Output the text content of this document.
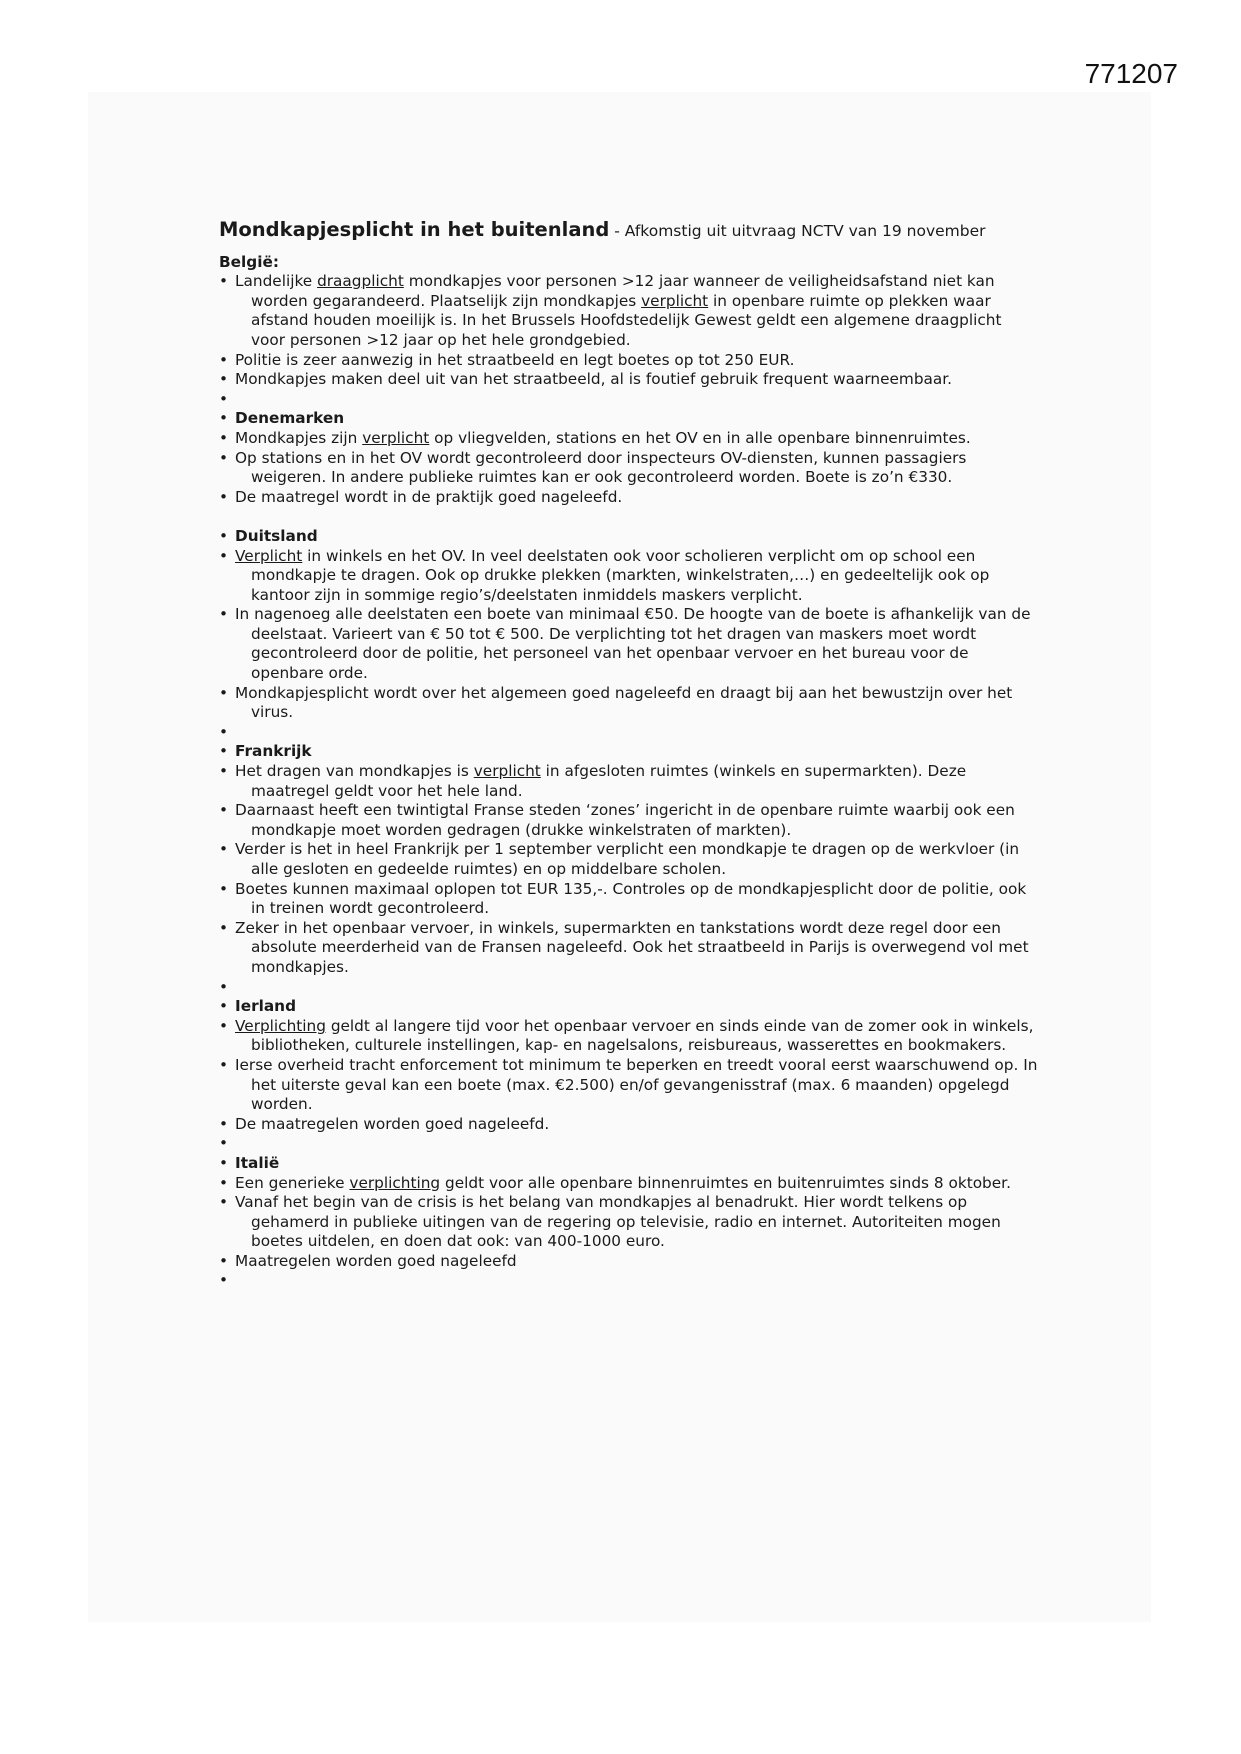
771207
Mondkapjesplicht in het buitenland - Afkomstig uit uitvraag NCTV van 19 november
België:
• Landelijke draagplicht mondkapjes voor personen >12 jaar wanneer de veiligheidsafstand niet kan worden gegarandeerd. Plaatselijk zijn mondkapjes verplicht in openbare ruimte op plekken waar afstand houden moeilijk is. In het Brussels Hoofdstedelijk Gewest geldt een algemene draagplicht voor personen >12 jaar op het hele grondgebied.
• Politie is zeer aanwezig in het straatbeeld en legt boetes op tot 250 EUR.
• Mondkapjes maken deel uit van het straatbeeld, al is foutief gebruik frequent waarneembaar.
•
• Denemarken
• Mondkapjes zijn verplicht op vliegvelden, stations en het OV en in alle openbare binnenruimtes.
• Op stations en in het OV wordt gecontroleerd door inspecteurs OV-diensten, kunnen passagiers weigeren. In andere publieke ruimtes kan er ook gecontroleerd worden. Boete is zo’n €330.
• De maatregel wordt in de praktijk goed nageleefd.
• Duitsland
• Verplicht in winkels en het OV. In veel deelstaten ook voor scholieren verplicht om op school een mondkapje te dragen. Ook op drukke plekken (markten, winkelstraten,…) en gedeeltelijk ook op kantoor zijn in sommige regio’s/deelstaten inmiddels maskers verplicht.
• In nagenoeg alle deelstaten een boete van minimaal €50. De hoogte van de boete is afhankelijk van de deelstaat. Varieert van € 50 tot € 500. De verplichting tot het dragen van maskers moet wordt gecontroleerd door de politie, het personeel van het openbaar vervoer en het bureau voor de openbare orde.
• Mondkapjesplicht wordt over het algemeen goed nageleefd en draagt bij aan het bewustzijn over het virus.
•
• Frankrijk
• Het dragen van mondkapjes is verplicht in afgesloten ruimtes (winkels en supermarkten). Deze maatregel geldt voor het hele land.
• Daarnaast heeft een twintigtal Franse steden ‘zones’ ingericht in de openbare ruimte waarbij ook een mondkapje moet worden gedragen (drukke winkelstraten of markten).
• Verder is het in heel Frankrijk per 1 september verplicht een mondkapje te dragen op de werkvloer (in alle gesloten en gedeelde ruimtes) en op middelbare scholen.
• Boetes kunnen maximaal oplopen tot EUR 135,-. Controles op de mondkapjesplicht door de politie, ook in treinen wordt gecontroleerd.
• Zeker in het openbaar vervoer, in winkels, supermarkten en tankstations wordt deze regel door een absolute meerderheid van de Fransen nageleefd. Ook het straatbeeld in Parijs is overwegend vol met mondkapjes.
•
• Ierland
• Verplichting geldt al langere tijd voor het openbaar vervoer en sinds einde van de zomer ook in winkels, bibliotheken, culturele instellingen, kap- en nagelsalons, reisbureaus, wasserettes en bookmakers.
• Ierse overheid tracht enforcement tot minimum te beperken en treedt vooral eerst waarschuwend op. In het uiterste geval kan een boete (max. €2.500) en/of gevangenisstraf (max. 6 maanden) opgelegd worden.
• De maatregelen worden goed nageleefd.
•
• Italië
• Een generieke verplichting geldt voor alle openbare binnenruimtes en buitenruimtes sinds 8 oktober.
• Vanaf het begin van de crisis is het belang van mondkapjes al benadrukt. Hier wordt telkens op gehamerd in publieke uitingen van de regering op televisie, radio en internet. Autoriteiten mogen boetes uitdelen, en doen dat ook: van 400-1000 euro.
• Maatregelen worden goed nageleefd
•
